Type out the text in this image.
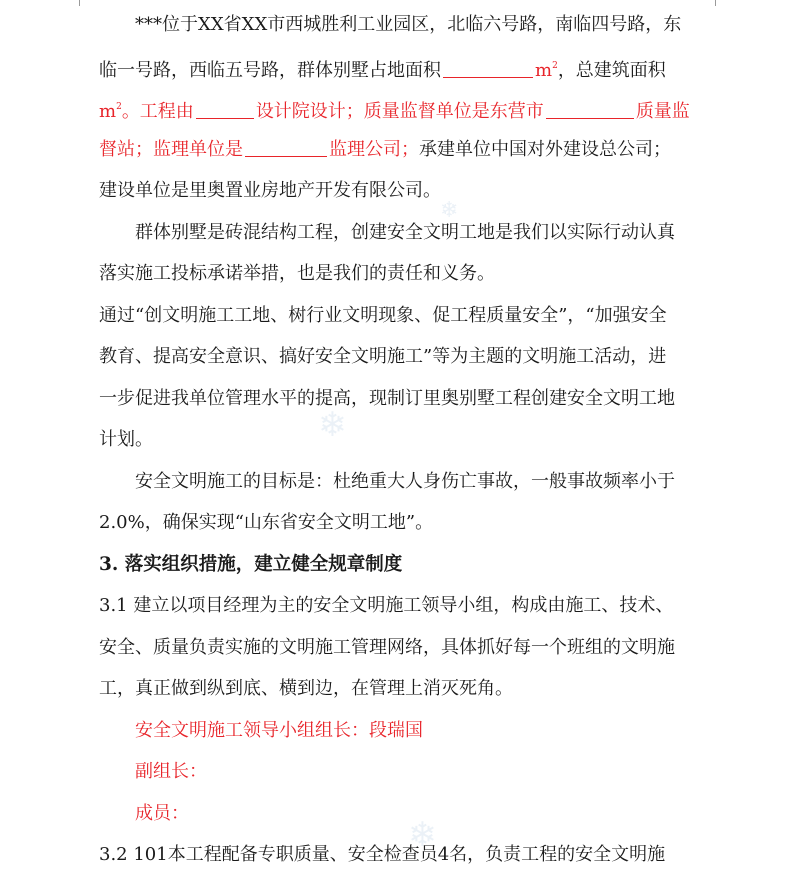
❄
❄
❄
***位于XX省XX市西城胜利工业园区，北临六号路，南临四号路，东
临一号路，西临五号路，群体别墅占地面积	$m^2$，总建筑面积
$m^2$。工程由	设计院设计；质量监督单位是东营市	质量监
督站；监理单位是	监理公司；承建单位中国对外建设总公司；
建设单位是里奥置业房地产开发有限公司。
群体别墅是砖混结构工程，创建安全文明工地是我们以实际行动认真
落实施工投标承诺举措，也是我们的责任和义务。
通过“创文明施工工地、树行业文明现象、促工程质量安全”，“加强安全
教育、提高安全意识、搞好安全文明施工”等为主题的文明施工活动，进
一步促进我单位管理水平的提高，现制订里奥别墅工程创建安全文明工地
计划。
安全文明施工的目标是：杜绝重大人身伤亡事故，一般事故频率小于
2.0%，确保实现“山东省安全文明工地”。
3. 落实组织措施，建立健全规章制度
3.1 建立以项目经理为主的安全文明施工领导小组，构成由施工、技术、
安全、质量负责实施的文明施工管理网络，具体抓好每一个班组的文明施
工，真正做到纵到底、横到边，在管理上消灭死角。
安全文明施工领导小组组长：段瑞国
副组长：
成员：
3.2 101本工程配备专职质量、安全检查员4名，负责工程的安全文明施
